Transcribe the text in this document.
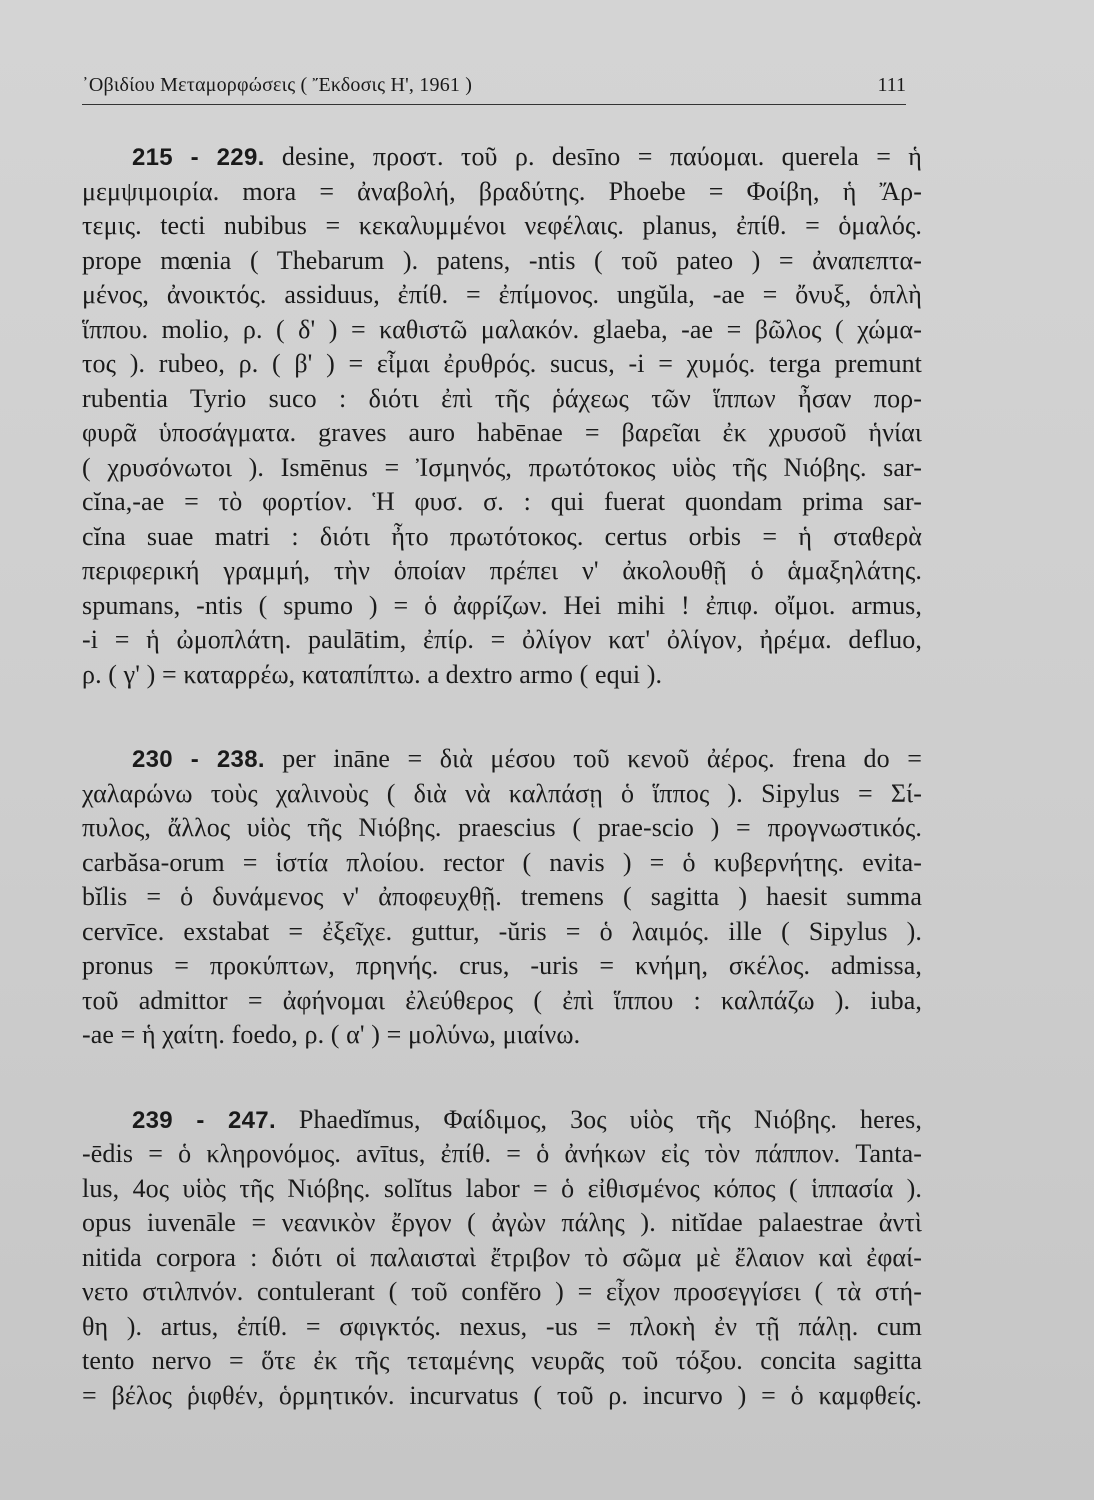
᾿Οβιδίου Μεταμορφώσεις ( Ἔκδοσις Η', 1961 )	111
215 - 229. desine, προστ. τοῦ ρ. desīno = παύομαι. querela = ἡ
μεμψιμοιρία. mora = ἀναβολή, βραδύτης. Phoebe = Φοίβη, ἡ Ἄρ-
τεμις. tecti nubibus = κεκαλυμμένοι νεφέλαις. planus, ἐπίθ. = ὁμαλός.
prope mœnia ( Thebarum ). patens, -ntis ( τοῦ pateo ) = ἀναπεπτα-
μένος, ἀνοικτός. assiduus, ἐπίθ. = ἐπίμονος. ungŭla, -ae = ὄνυξ, ὁπλὴ
ἵππου. molio, ρ. ( δ' ) = καθιστῶ μαλακόν. glaeba, -ae = βῶλος ( χώμα-
τος ). rubeo, ρ. ( β' ) = εἶμαι ἐρυθρός. sucus, -i = χυμός. terga premunt
rubentia Tyrio suco : διότι ἐπὶ τῆς ῥάχεως τῶν ἵππων ἦσαν πορ-
φυρᾶ ὑποσάγματα. graves auro habēnae = βαρεῖαι ἐκ χρυσοῦ ἡνίαι
( χρυσόνωτοι ). Ismēnus = Ἰσμηνός, πρωτότοκος υἱὸς τῆς Νιόβης. sar-
cĭna,-ae = τὸ φορτίον. Ἡ φυσ. σ. : qui fuerat quondam prima sar-
cĭna suae matri : διότι ἦτο πρωτότοκος. certus orbis = ἡ σταθερὰ
περιφερική γραμμή, τὴν ὁποίαν πρέπει ν' ἀκολουθῇ ὁ ἁμαξηλάτης.
spumans, -ntis ( spumo ) = ὁ ἀφρίζων. Hei mihi ! ἐπιφ. οἴμοι. armus,
-i = ἡ ὠμοπλάτη. paulātim, ἐπίρ. = ὀλίγον κατ' ὀλίγον, ἠρέμα. defluo,
ρ. ( γ' ) = καταρρέω, καταπίπτω. a dextro armo ( equi ).
230 - 238. per ināne = διὰ μέσου τοῦ κενοῦ ἀέρος. frena do =
χαλαρώνω τοὺς χαλινοὺς ( διὰ νὰ καλπάσῃ ὁ ἵππος ). Sipylus = Σί-
πυλος, ἄλλος υἱὸς τῆς Νιόβης. praescius ( prae-scio ) = προγνωστικός.
carbăsa-orum = ἱστία πλοίου. rector ( navis ) = ὁ κυβερνήτης. evita-
bĭlis = ὁ δυνάμενος ν' ἀποφευχθῇ. tremens ( sagitta ) haesit summa
cervīce. exstabat = ἐξεῖχε. guttur, -ŭris = ὁ λαιμός. ille ( Sipylus ).
pronus = προκύπτων, πρηνής. crus, -uris = κνήμη, σκέλος. admissa,
τοῦ admittor = ἀφήνομαι ἐλεύθερος ( ἐπὶ ἵππου : καλπάζω ). iuba,
-ae = ἡ χαίτη. foedo, ρ. ( α' ) = μολύνω, μιαίνω.
239 - 247. Phaedĭmus, Φαίδιμος, 3ος υἱὸς τῆς Νιόβης. heres,
-ēdis = ὁ κληρονόμος. avītus, ἐπίθ. = ὁ ἀνήκων εἰς τὸν πάππον. Tanta-
lus, 4ος υἱὸς τῆς Νιόβης. solĭtus labor = ὁ εἰθισμένος κόπος ( ἱππασία ).
opus iuvenāle = νεανικὸν ἔργον ( ἀγὼν πάλης ). nitĭdae palaestrae ἀντὶ
nitida corpora : διότι οἱ παλαισταὶ ἔτριβον τὸ σῶμα μὲ ἔλαιον καὶ ἐφαί-
νετο στιλπνόν. contulerant ( τοῦ confĕro ) = εἶχον προσεγγίσει ( τὰ στή-
θη ). artus, ἐπίθ. = σφιγκτός. nexus, -us = πλοκὴ ἐν τῇ πάλῃ. cum
tento nervo = ὅτε ἐκ τῆς τεταμένης νευρᾶς τοῦ τόξου. concita sagitta
= βέλος ῥιφθέν, ὁρμητικόν. incurvatus ( τοῦ ρ. incurvo ) = ὁ καμφθείς.
